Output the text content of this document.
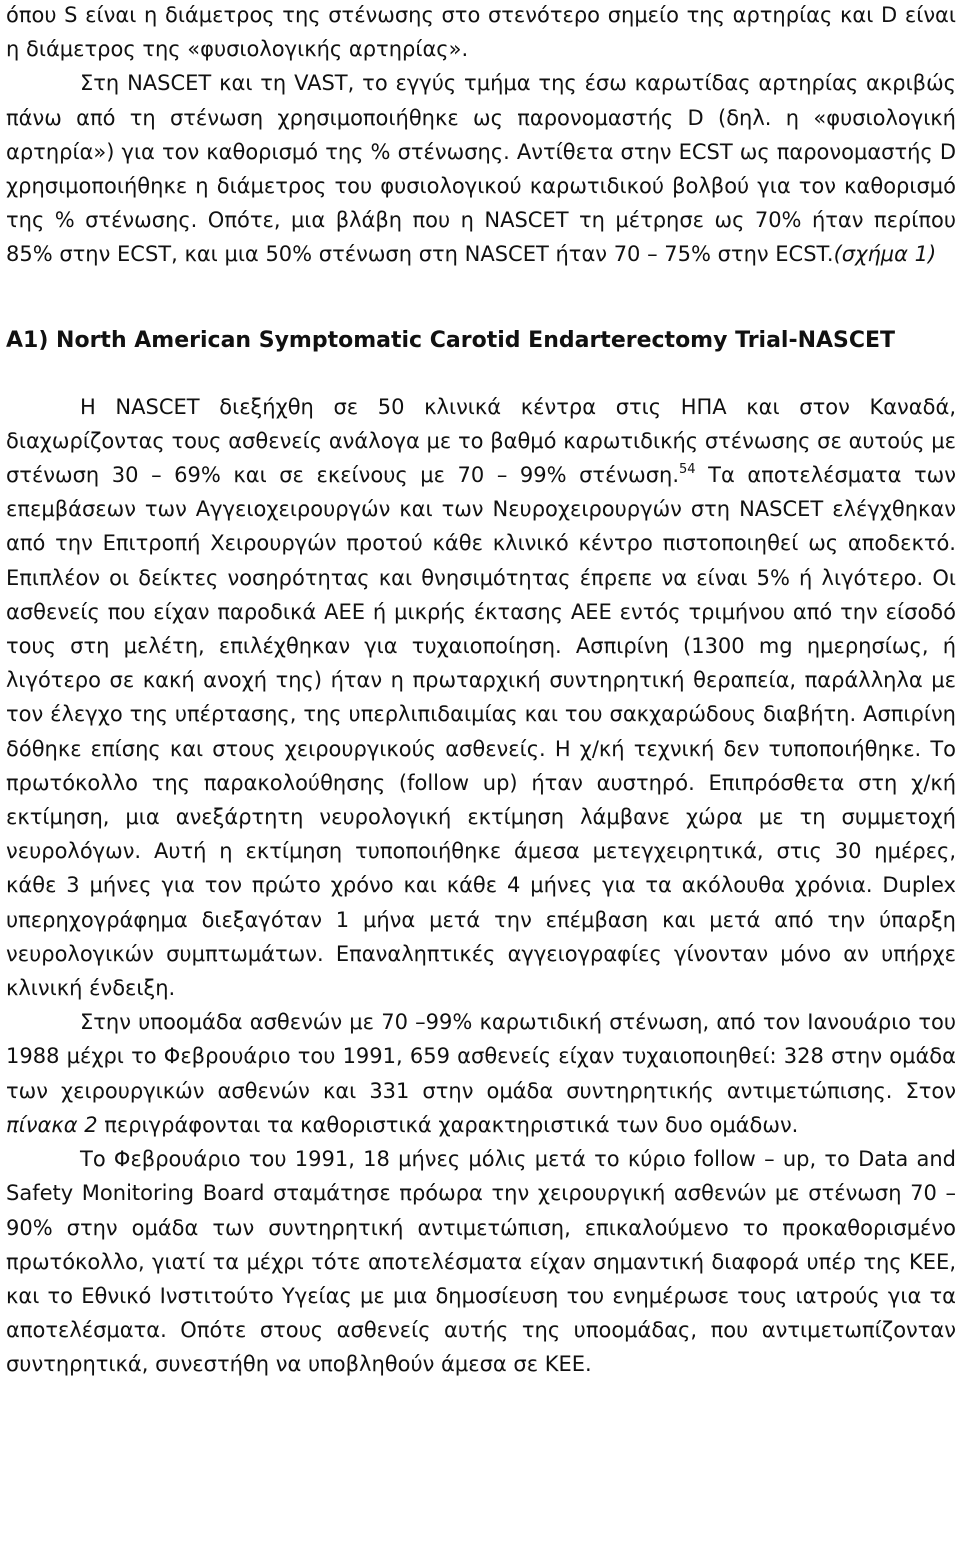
όπου S είναι η διάμετρος της στένωσης στο στενότερο σημείο της αρτηρίας και D είναι η διάμετρος της «φυσιολογικής αρτηρίας».

Στη NASCET και τη VAST, το εγγύς τμήμα της έσω καρωτίδας αρτηρίας ακριβώς πάνω από τη στένωση χρησιμοποιήθηκε ως παρονομαστής D (δηλ. η «φυσιολογική αρτηρία») για τον καθορισμό της % στένωσης. Αντίθετα στην ECST ως παρονομαστής D χρησιμοποιήθηκε η διάμετρος του φυσιολογικού καρωτιδικού βολβού για τον καθορισμό της % στένωσης. Οπότε, μια βλάβη που η NASCET τη μέτρησε ως 70% ήταν περίπου 85% στην ECST, και μια 50% στένωση στη NASCET ήταν 70 – 75% στην ECST.(σχήμα 1)

Α1) North American Symptomatic Carotid Endarterectomy Trial-NASCET

Η NASCET διεξήχθη σε 50 κλινικά κέντρα στις ΗΠΑ και στον Καναδά, διαχωρίζοντας τους ασθενείς ανάλογα με το βαθμό καρωτιδικής στένωσης σε αυτούς με στένωση 30 – 69% και σε εκείνους με 70 – 99% στένωση.$^{54}$ Τα αποτελέσματα των επεμβάσεων των Αγγειοχειρουργών και των Νευροχειρουργών στη NASCET ελέγχθηκαν από την Επιτροπή Χειρουργών προτού κάθε κλινικό κέντρο πιστοποιηθεί ως αποδεκτό. Επιπλέον οι δείκτες νοσηρότητας και θνησιμότητας έπρεπε να είναι 5% ή λιγότερο. Οι ασθενείς που είχαν παροδικά ΑΕΕ ή μικρής έκτασης ΑΕΕ εντός τριμήνου από την είσοδό τους στη μελέτη, επιλέχθηκαν για τυχαιοποίηση. Ασπιρίνη (1300 mg ημερησίως, ή λιγότερο σε κακή ανοχή της) ήταν η πρωταρχική συντηρητική θεραπεία, παράλληλα με τον έλεγχο της υπέρτασης, της υπερλιπιδαιμίας και του σακχαρώδους διαβήτη. Ασπιρίνη δόθηκε επίσης και στους χειρουργικούς ασθενείς. Η χ/κή τεχνική δεν τυποποιήθηκε. Το πρωτόκολλο της παρακολούθησης (follow up) ήταν αυστηρό. Επιπρόσθετα στη χ/κή εκτίμηση, μια ανεξάρτητη νευρολογική εκτίμηση λάμβανε χώρα με τη συμμετοχή νευρολόγων. Αυτή η εκτίμηση τυποποιήθηκε άμεσα μετεγχειρητικά, στις 30 ημέρες, κάθε 3 μήνες για τον πρώτο χρόνο και κάθε 4 μήνες για τα ακόλουθα χρόνια. Duplex υπερηχογράφημα διεξαγόταν 1 μήνα μετά την επέμβαση και μετά από την ύπαρξη νευρολογικών συμπτωμάτων. Επαναληπτικές αγγειογραφίες γίνονταν μόνο αν υπήρχε κλινική ένδειξη.

Στην υποομάδα ασθενών με 70 –99% καρωτιδική στένωση, από τον Ιανουάριο του 1988 μέχρι το Φεβρουάριο του 1991, 659 ασθενείς είχαν τυχαιοποιηθεί: 328 στην ομάδα των χειρουργικών ασθενών και 331 στην ομάδα συντηρητικής αντιμετώπισης. Στον πίνακα 2 περιγράφονται τα καθοριστικά χαρακτηριστικά των δυο ομάδων.

Το Φεβρουάριο του 1991, 18 μήνες μόλις μετά το κύριο follow – up, το Data and Safety Monitoring Board σταμάτησε πρόωρα την χειρουργική ασθενών με στένωση 70 – 90% στην ομάδα των συντηρητική αντιμετώπιση, επικαλούμενο το προκαθορισμένο πρωτόκολλο, γιατί τα μέχρι τότε αποτελέσματα είχαν σημαντική διαφορά υπέρ της ΚΕΕ, και το Εθνικό Ινστιτούτο Υγείας με μια δημοσίευση του ενημέρωσε τους ιατρούς για τα αποτελέσματα. Οπότε στους ασθενείς αυτής της υποομάδας, που αντιμετωπίζονταν συντηρητικά, συνεστήθη να υποβληθούν άμεσα σε ΚΕΕ.
